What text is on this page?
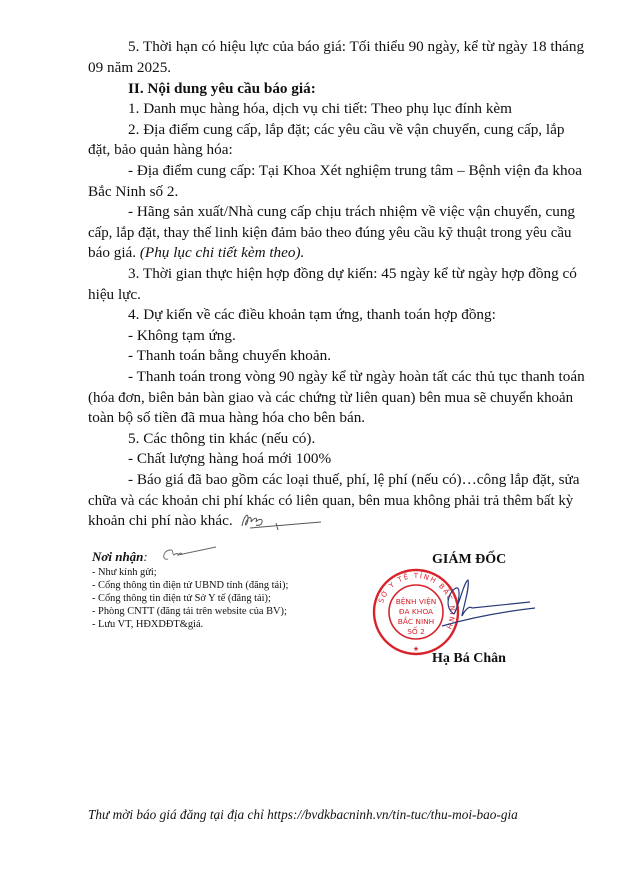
5. Thời hạn có hiệu lực của báo giá: Tối thiểu 90 ngày, kể từ ngày 18 tháng
09 năm 2025.
II. Nội dung yêu cầu báo giá:
1. Danh mục hàng hóa, dịch vụ chi tiết: Theo phụ lục đính kèm
2. Địa điểm cung cấp, lắp đặt; các yêu cầu về vận chuyển, cung cấp, lắp
đặt, bảo quản hàng hóa:
- Địa điểm cung cấp: Tại Khoa Xét nghiệm trung tâm – Bệnh viện đa khoa
Bắc Ninh số 2.
- Hãng sản xuất/Nhà cung cấp chịu trách nhiệm về việc vận chuyển, cung
cấp, lắp đặt, thay thế linh kiện đảm bảo theo đúng yêu cầu kỹ thuật trong yêu cầu
báo giá. (Phụ lục chi tiết kèm theo).
3. Thời gian thực hiện hợp đồng dự kiến: 45 ngày kể từ ngày hợp đồng có
hiệu lực.
4. Dự kiến về các điều khoản tạm ứng, thanh toán hợp đồng:
- Không tạm ứng.
- Thanh toán bằng chuyển khoản.
- Thanh toán trong vòng 90 ngày kể từ ngày hoàn tất các thủ tục thanh toán
(hóa đơn, biên bản bàn giao và các chứng từ liên quan) bên mua sẽ chuyển khoản
toàn bộ số tiền đã mua hàng hóa cho bên bán.
5. Các thông tin khác (nếu có).
- Chất lượng hàng hoá mới 100%
- Báo giá đã bao gồm các loại thuế, phí, lệ phí (nếu có)…công lắp đặt, sửa
chữa và các khoản chi phí khác có liên quan, bên mua không phải trả thêm bất kỳ
khoản chi phí nào khác.
Nơi nhận:
- Như kính gửi;
- Cổng thông tin điện tử UBND tỉnh (đăng tải);
- Cổng thông tin điện tử Sở Y tế (đăng tải);
- Phòng CNTT (đăng tải trên website của BV);
- Lưu VT, HĐXDĐT&giá.
GIÁM ĐỐC
SỞ Y TẾ TỈNH BẮC NINH
BỆNH VIỆN
ĐA KHOA
BẮC NINH
SỐ 2
★
Hạ Bá Chân
Thư mời báo giá đăng tại địa chỉ https://bvdkbacninh.vn/tin-tuc/thu-moi-bao-gia
